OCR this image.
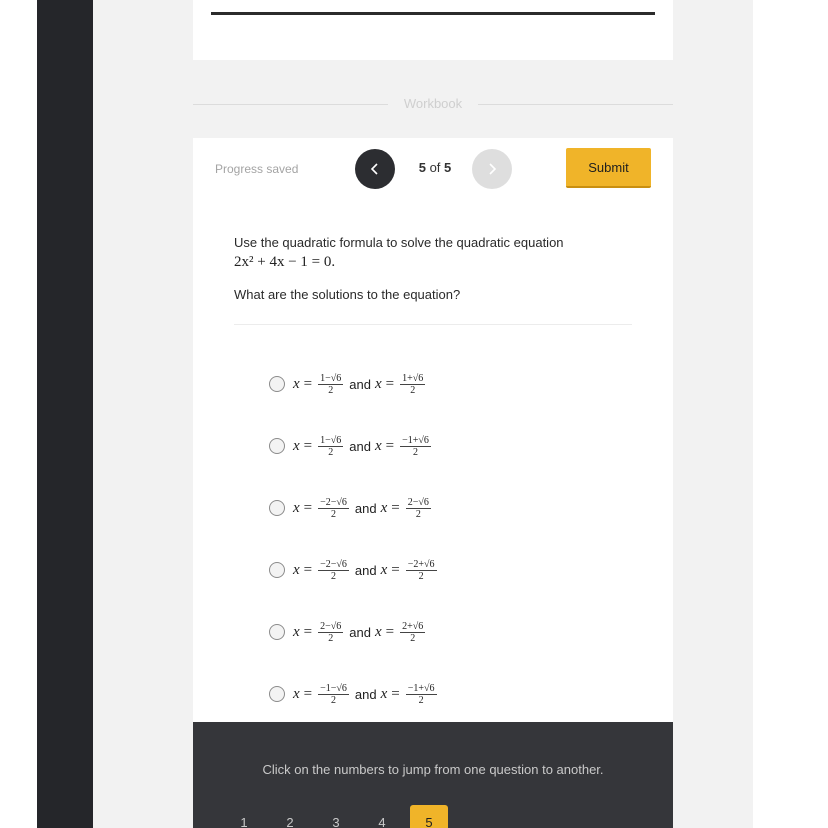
Workbook
Progress saved	5 of 5	Submit
Use the quadratic formula to solve the quadratic equation
2x² + 4x − 1 = 0.
What are the solutions to the equation?
$x = \frac{1-√6}{2}$ and $x = \frac{1+√6}{2}$
$x = \frac{1-√6}{2}$ and $x = \frac{-1+√6}{2}$
$x = \frac{-2-√6}{2}$ and $x = \frac{2-√6}{2}$
$x = \frac{-2-√6}{2}$ and $x = \frac{-2+√6}{2}$
$x = \frac{2-√6}{2}$ and $x = \frac{2+√6}{2}$
$x = \frac{-1-√6}{2}$ and $x = \frac{-1+√6}{2}$
Click on the numbers to jump from one question to another.
1	2	3	4	5
